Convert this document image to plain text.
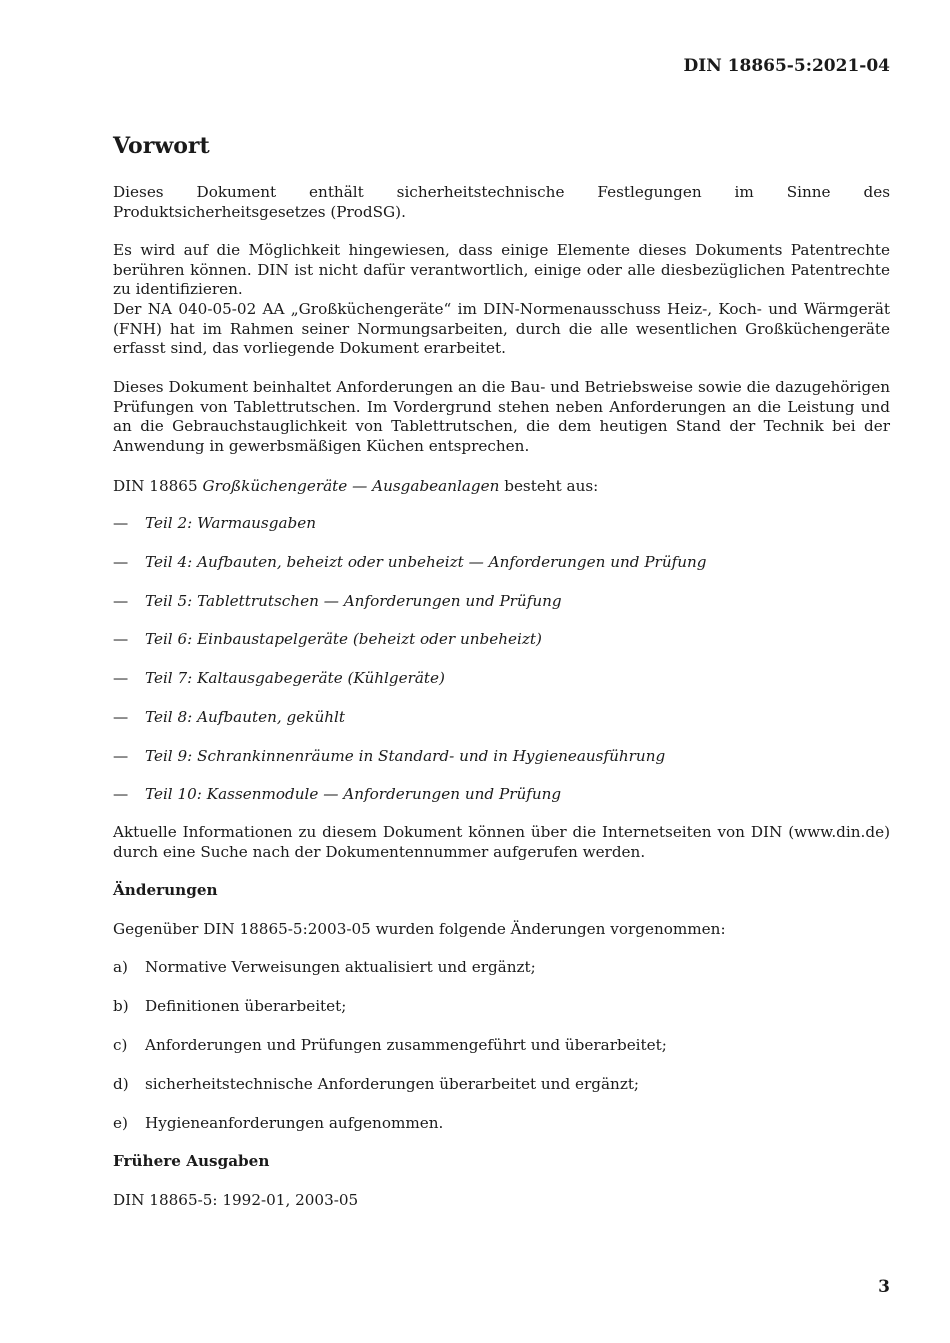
DIN 18865-5:2021-04
Vorwort
Dieses Dokument enthält sicherheitstechnische Festlegungen im Sinne des Produktsicherheitsgesetzes (ProdSG).
Es wird auf die Möglichkeit hingewiesen, dass einige Elemente dieses Dokuments Patentrechte berühren können. DIN ist nicht dafür verantwortlich, einige oder alle diesbezüglichen Patentrechte zu identifizieren.
Der NA 040-05-02 AA „Großküchengeräte“ im DIN-Normenausschuss Heiz-, Koch- und Wärmgerät (FNH) hat im Rahmen seiner Normungsarbeiten, durch die alle wesentlichen Großküchengeräte erfasst sind, das vorliegende Dokument erarbeitet.
Dieses Dokument beinhaltet Anforderungen an die Bau- und Betriebsweise sowie die dazugehörigen Prüfungen von Tablettrutschen. Im Vordergrund stehen neben Anforderungen an die Leistung und an die Gebrauchstauglichkeit von Tablettrutschen, die dem heutigen Stand der Technik bei der Anwendung in gewerbsmäßigen Küchen entsprechen.
DIN 18865 Großküchengeräte — Ausgabeanlagen besteht aus:
— Teil 2: Warmausgaben
— Teil 4: Aufbauten, beheizt oder unbeheizt — Anforderungen und Prüfung
— Teil 5: Tablettrutschen — Anforderungen und Prüfung
— Teil 6: Einbaustapelgeräte (beheizt oder unbeheizt)
— Teil 7: Kaltausgabegeräte (Kühlgeräte)
— Teil 8: Aufbauten, gekühlt
— Teil 9: Schrankinnenräume in Standard- und in Hygieneausführung
— Teil 10: Kassenmodule — Anforderungen und Prüfung
Aktuelle Informationen zu diesem Dokument können über die Internetseiten von DIN (www.din.de) durch eine Suche nach der Dokumentennummer aufgerufen werden.
Änderungen
Gegenüber DIN 18865-5:2003-05 wurden folgende Änderungen vorgenommen:
a) Normative Verweisungen aktualisiert und ergänzt;
b) Definitionen überarbeitet;
c) Anforderungen und Prüfungen zusammengeführt und überarbeitet;
d) sicherheitstechnische Anforderungen überarbeitet und ergänzt;
e) Hygieneanforderungen aufgenommen.
Frühere Ausgaben
DIN 18865-5: 1992-01, 2003-05
3
